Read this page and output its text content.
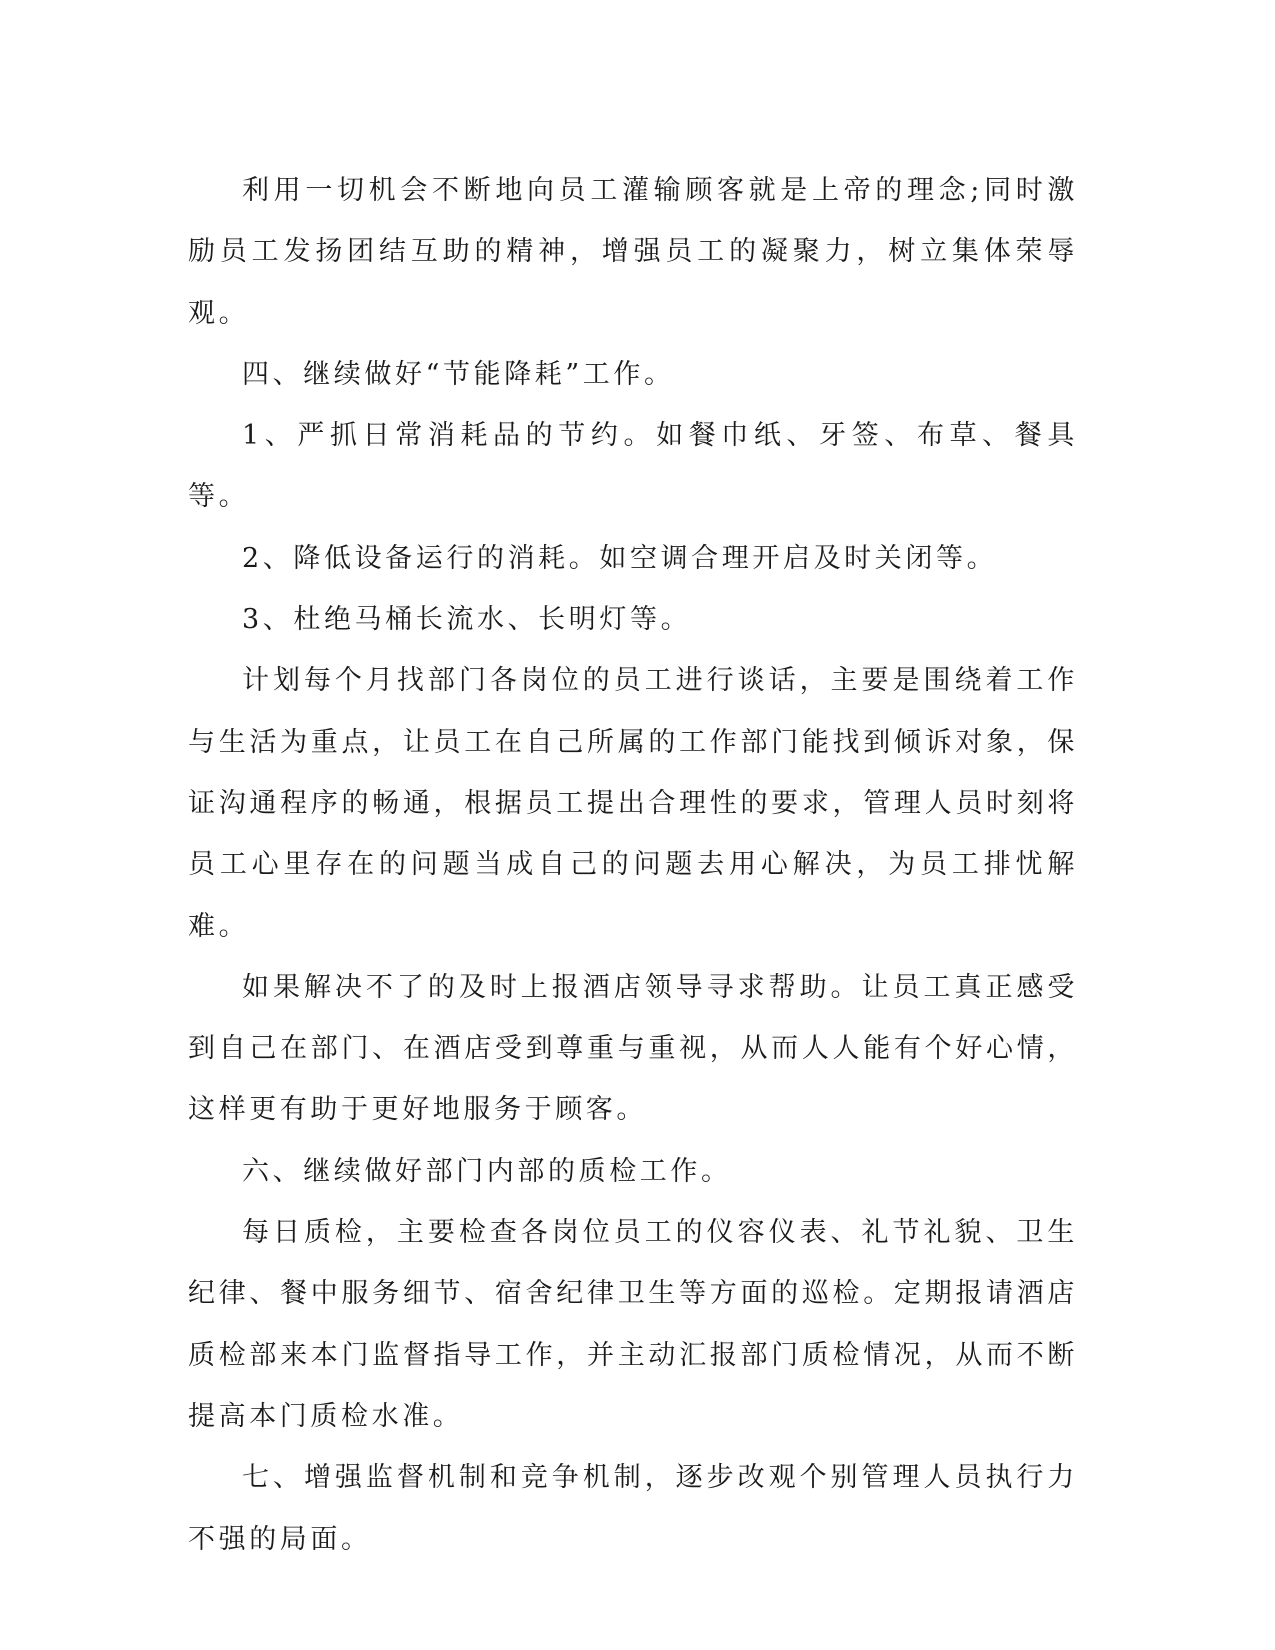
利用一切机会不断地向员工灌输顾客就是上帝的理念;同时激励员工发扬团结互助的精神，增强员工的凝聚力，树立集体荣辱观。

四、继续做好“节能降耗”工作。

1、严抓日常消耗品的节约。如餐巾纸、牙签、布草、餐具等。

2、降低设备运行的消耗。如空调合理开启及时关闭等。

3、杜绝马桶长流水、长明灯等。

计划每个月找部门各岗位的员工进行谈话，主要是围绕着工作与生活为重点，让员工在自己所属的工作部门能找到倾诉对象，保证沟通程序的畅通，根据员工提出合理性的要求，管理人员时刻将员工心里存在的问题当成自己的问题去用心解决，为员工排忧解难。

如果解决不了的及时上报酒店领导寻求帮助。让员工真正感受到自己在部门、在酒店受到尊重与重视，从而人人能有个好心情，这样更有助于更好地服务于顾客。

六、继续做好部门内部的质检工作。

每日质检，主要检查各岗位员工的仪容仪表、礼节礼貌、卫生纪律、餐中服务细节、宿舍纪律卫生等方面的巡检。定期报请酒店质检部来本门监督指导工作，并主动汇报部门质检情况，从而不断提高本门质检水准。

七、增强监督机制和竞争机制，逐步改观个别管理人员执行力不强的局面。
